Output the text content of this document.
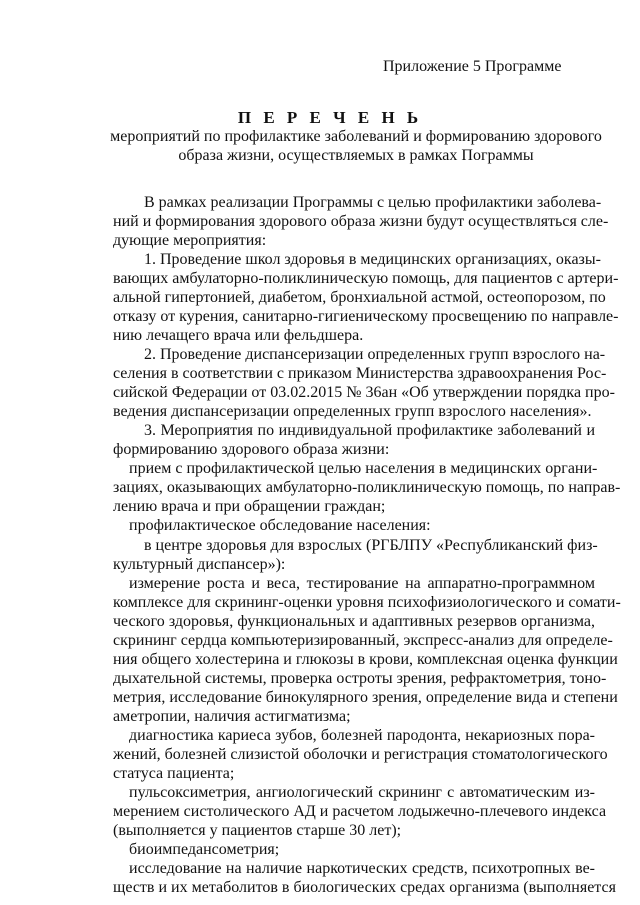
Приложение 5 Программе
П Е Р Е Ч Е Н Ь
мероприятий по профилактике заболеваний и формированию здорового
образа жизни, осуществляемых в рамках Пограммы
В рамках реализации Программы с целью профилактики заболева-
ний и формирования здорового образа жизни будут осуществляться сле-
дующие мероприятия:
1. Проведение школ здоровья в медицинских организациях, оказы-
вающих амбулаторно-поликлиническую помощь, для пациентов с артери-
альной гипертонией, диабетом, бронхиальной астмой, остеопорозом, по
отказу от курения, санитарно-гигиеническому просвещению по направле-
нию лечащего врача или фельдшера.
2. Проведение диспансеризации определенных групп взрослого на-
селения в соответствии с приказом Министерства здравоохранения Рос-
сийской Федерации от 03.02.2015 № 36ан «Об утверждении порядка про-
ведения диспансеризации определенных групп взрослого населения».
3. Мероприятия по индивидуальной профилактике заболеваний и
формированию здорового образа жизни:
прием с профилактической целью населения в медицинских органи-
зациях, оказывающих амбулаторно-поликлиническую помощь, по направ-
лению врача и при обращении граждан;
профилактическое обследование населения:
в центре здоровья для взрослых (РГБЛПУ «Республиканский физ-
культурный диспансер»):
измерение роста и веса, тестирование на аппаратно-программном
комплексе для скрининг-оценки уровня психофизиологического и сомати-
ческого здоровья, функциональных и адаптивных резервов организма,
скрининг сердца компьютеризированный, экспресс-анализ для определе-
ния общего холестерина и глюкозы в крови, комплексная оценка функции
дыхательной системы, проверка остроты зрения, рефрактометрия, тоно-
метрия, исследование бинокулярного зрения, определение вида и степени
аметропии, наличия астигматизма;
диагностика кариеса зубов, болезней пародонта, некариозных пора-
жений, болезней слизистой оболочки и регистрация стоматологического
статуса пациента;
пульсоксиметрия, ангиологический скрининг с автоматическим из-
мерением систолического АД и расчетом лодыжечно-плечевого индекса
(выполняется у пациентов старше 30 лет);
биоимпедансометрия;
исследование на наличие наркотических средств, психотропных ве-
ществ и их метаболитов в биологических средах организма (выполняется
